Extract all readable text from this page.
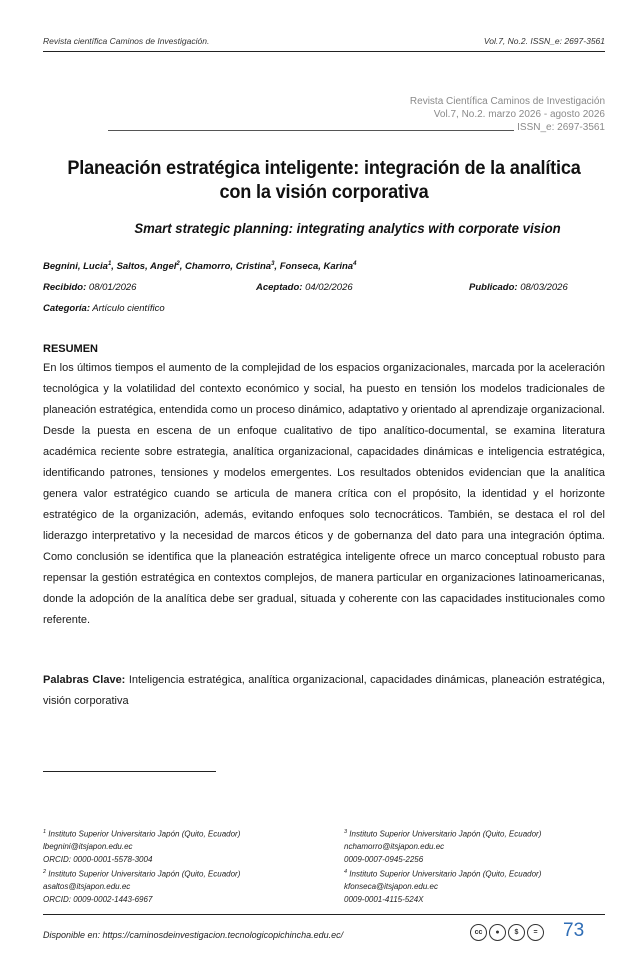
Revista científica Caminos de Investigación.	Vol.7, No.2. ISSN_e: 2697-3561
Revista Científica Caminos de Investigación
Vol.7, No.2. marzo 2026 - agosto 2026
ISSN_e: 2697-3561
Planeación estratégica inteligente: integración de la analítica con la visión corporativa
Smart strategic planning: integrating analytics with corporate vision
Begnini, Lucia$^1$, Saltos, Angel$^2$, Chamorro, Cristina$^3$, Fonseca, Karina$^4$
Recibido: 08/01/2026	Aceptado: 04/02/2026	Publicado: 08/03/2026
Categoría: Artículo científico
RESUMEN

En los últimos tiempos el aumento de la complejidad de los espacios organizacionales, marcada por la aceleración tecnológica y la volatilidad del contexto económico y social, ha puesto en tensión los modelos tradicionales de planeación estratégica, entendida como un proceso dinámico, adaptativo y orientado al aprendizaje organizacional. Desde la puesta en escena de un enfoque cualitativo de tipo analítico-documental, se examina literatura académica reciente sobre estrategia, analítica organizacional, capacidades dinámicas e inteligencia estratégica, identificando patrones, tensiones y modelos emergentes. Los resultados obtenidos evidencian que la analítica genera valor estratégico cuando se articula de manera crítica con el propósito, la identidad y el horizonte estratégico de la organización, además, evitando enfoques solo tecnocráticos. También, se destaca el rol del liderazgo interpretativo y la necesidad de marcos éticos y de gobernanza del dato para una integración óptima. Como conclusión se identifica que la planeación estratégica inteligente ofrece un marco conceptual robusto para repensar la gestión estratégica en contextos complejos, de manera particular en organizaciones latinoamericanas, donde la adopción de la analítica debe ser gradual, situada y coherente con las capacidades institucionales como referente.

Palabras Clave: Inteligencia estratégica, analítica organizacional, capacidades dinámicas, planeación estratégica, visión corporativa

$^1$ Instituto Superior Universitario Japón (Quito, Ecuador)
lbegnini@itsjapon.edu.ec
ORCID: 0000-0001-5578-3004
$^2$ Instituto Superior Universitario Japón (Quito, Ecuador)
asaltos@itsjapon.edu.ec
ORCID: 0009-0002-1443-6967
$^3$ Instituto Superior Universitario Japón (Quito, Ecuador)
nchamorro@itsjapon.edu.ec
0009-0007-0945-2256
$^4$ Instituto Superior Universitario Japón (Quito, Ecuador)
kfonseca@itsjapon.edu.ec
0009-0001-4115-524X
Disponible en: https://caminosdeinvestigacion.tecnologicopichincha.edu.ec/	cc	●	$	=	73
